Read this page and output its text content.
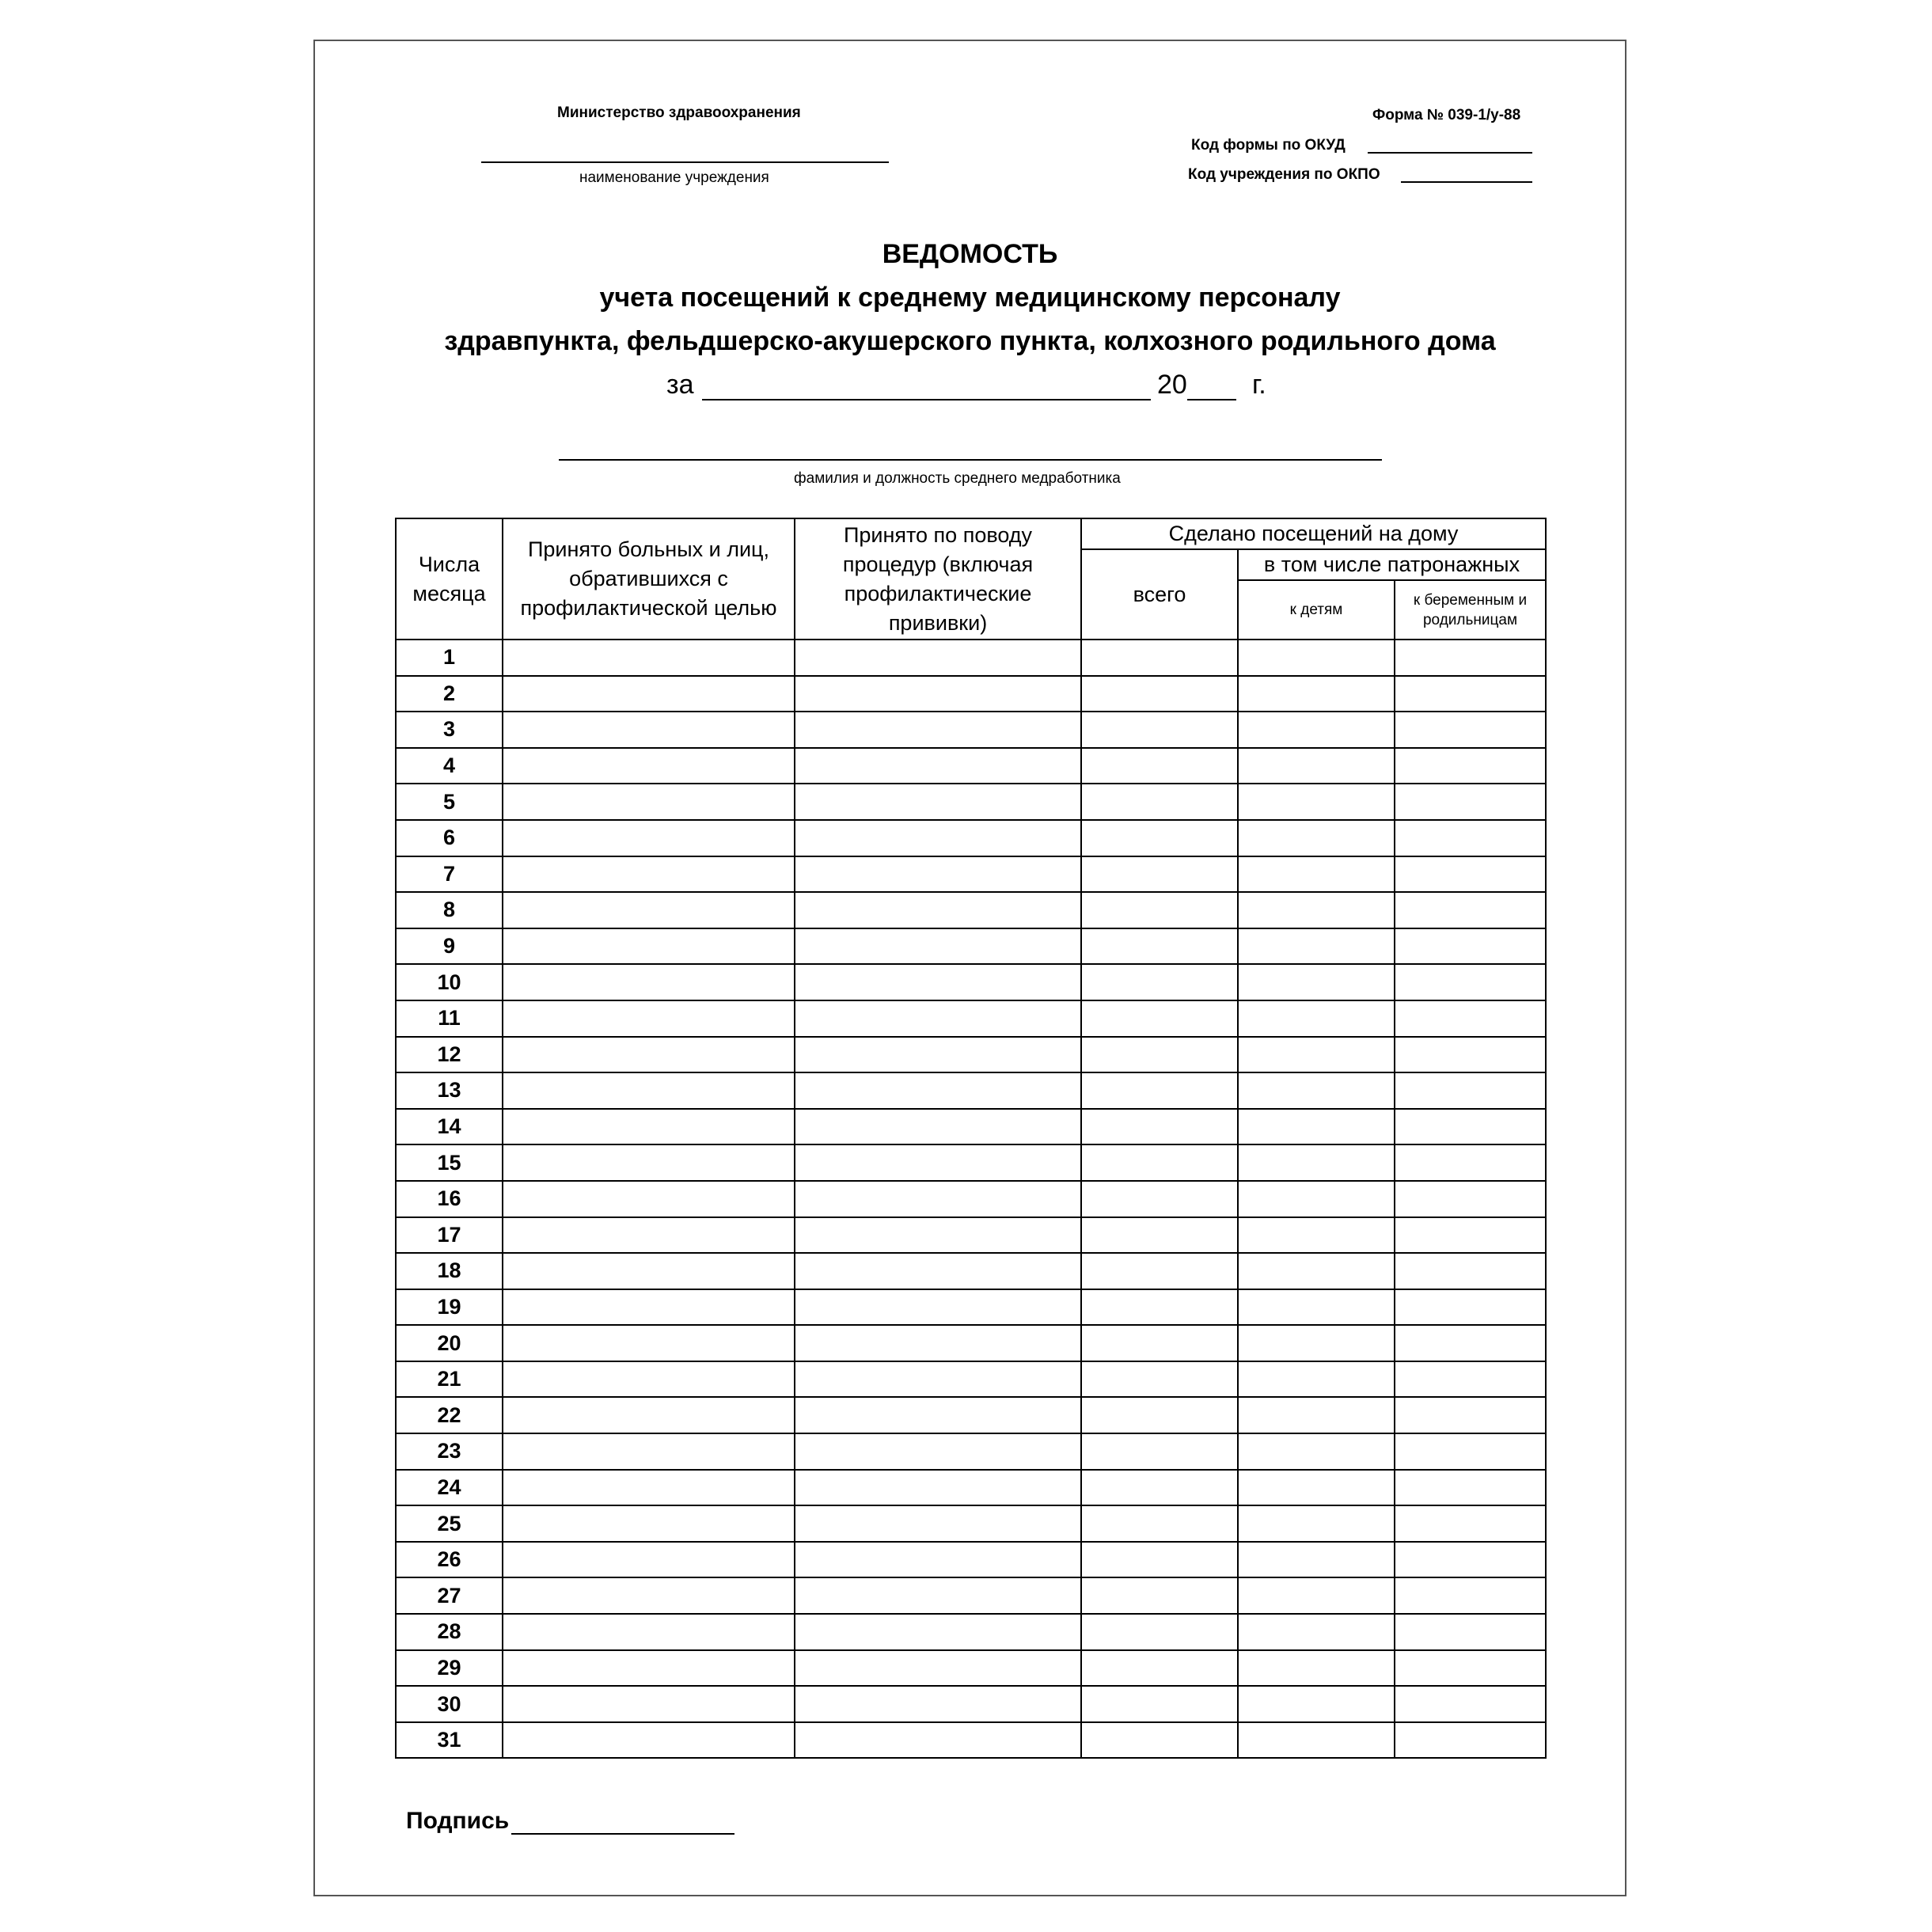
Министерство здравоохранения
наименование учреждения
Форма № 039-1/у-88
Код формы по ОКУД
Код учреждения по ОКПО
ВЕДОМОСТЬ
учета посещений к среднему медицинскому персоналу
здравпункта, фельдшерско-акушерского пункта, колхозного родильного дома
за	20 г.
фамилия и должность среднего медработника
Числа месяца	Принято больных и лиц, обратившихся с профилактической целью	Принято по поводу процедур (включая профилактические прививки)	Сделано посещений на дому		
			всего	в том числе патронажных	
				к детям	к беременным и родильницам
1					
2					
3					
4					
5					
6					
7					
8					
9					
10					
11					
12					
13					
14					
15					
16					
17					
18					
19					
20					
21					
22					
23					
24					
25					
26					
27					
28					
29					
30					
31					
Подпись
